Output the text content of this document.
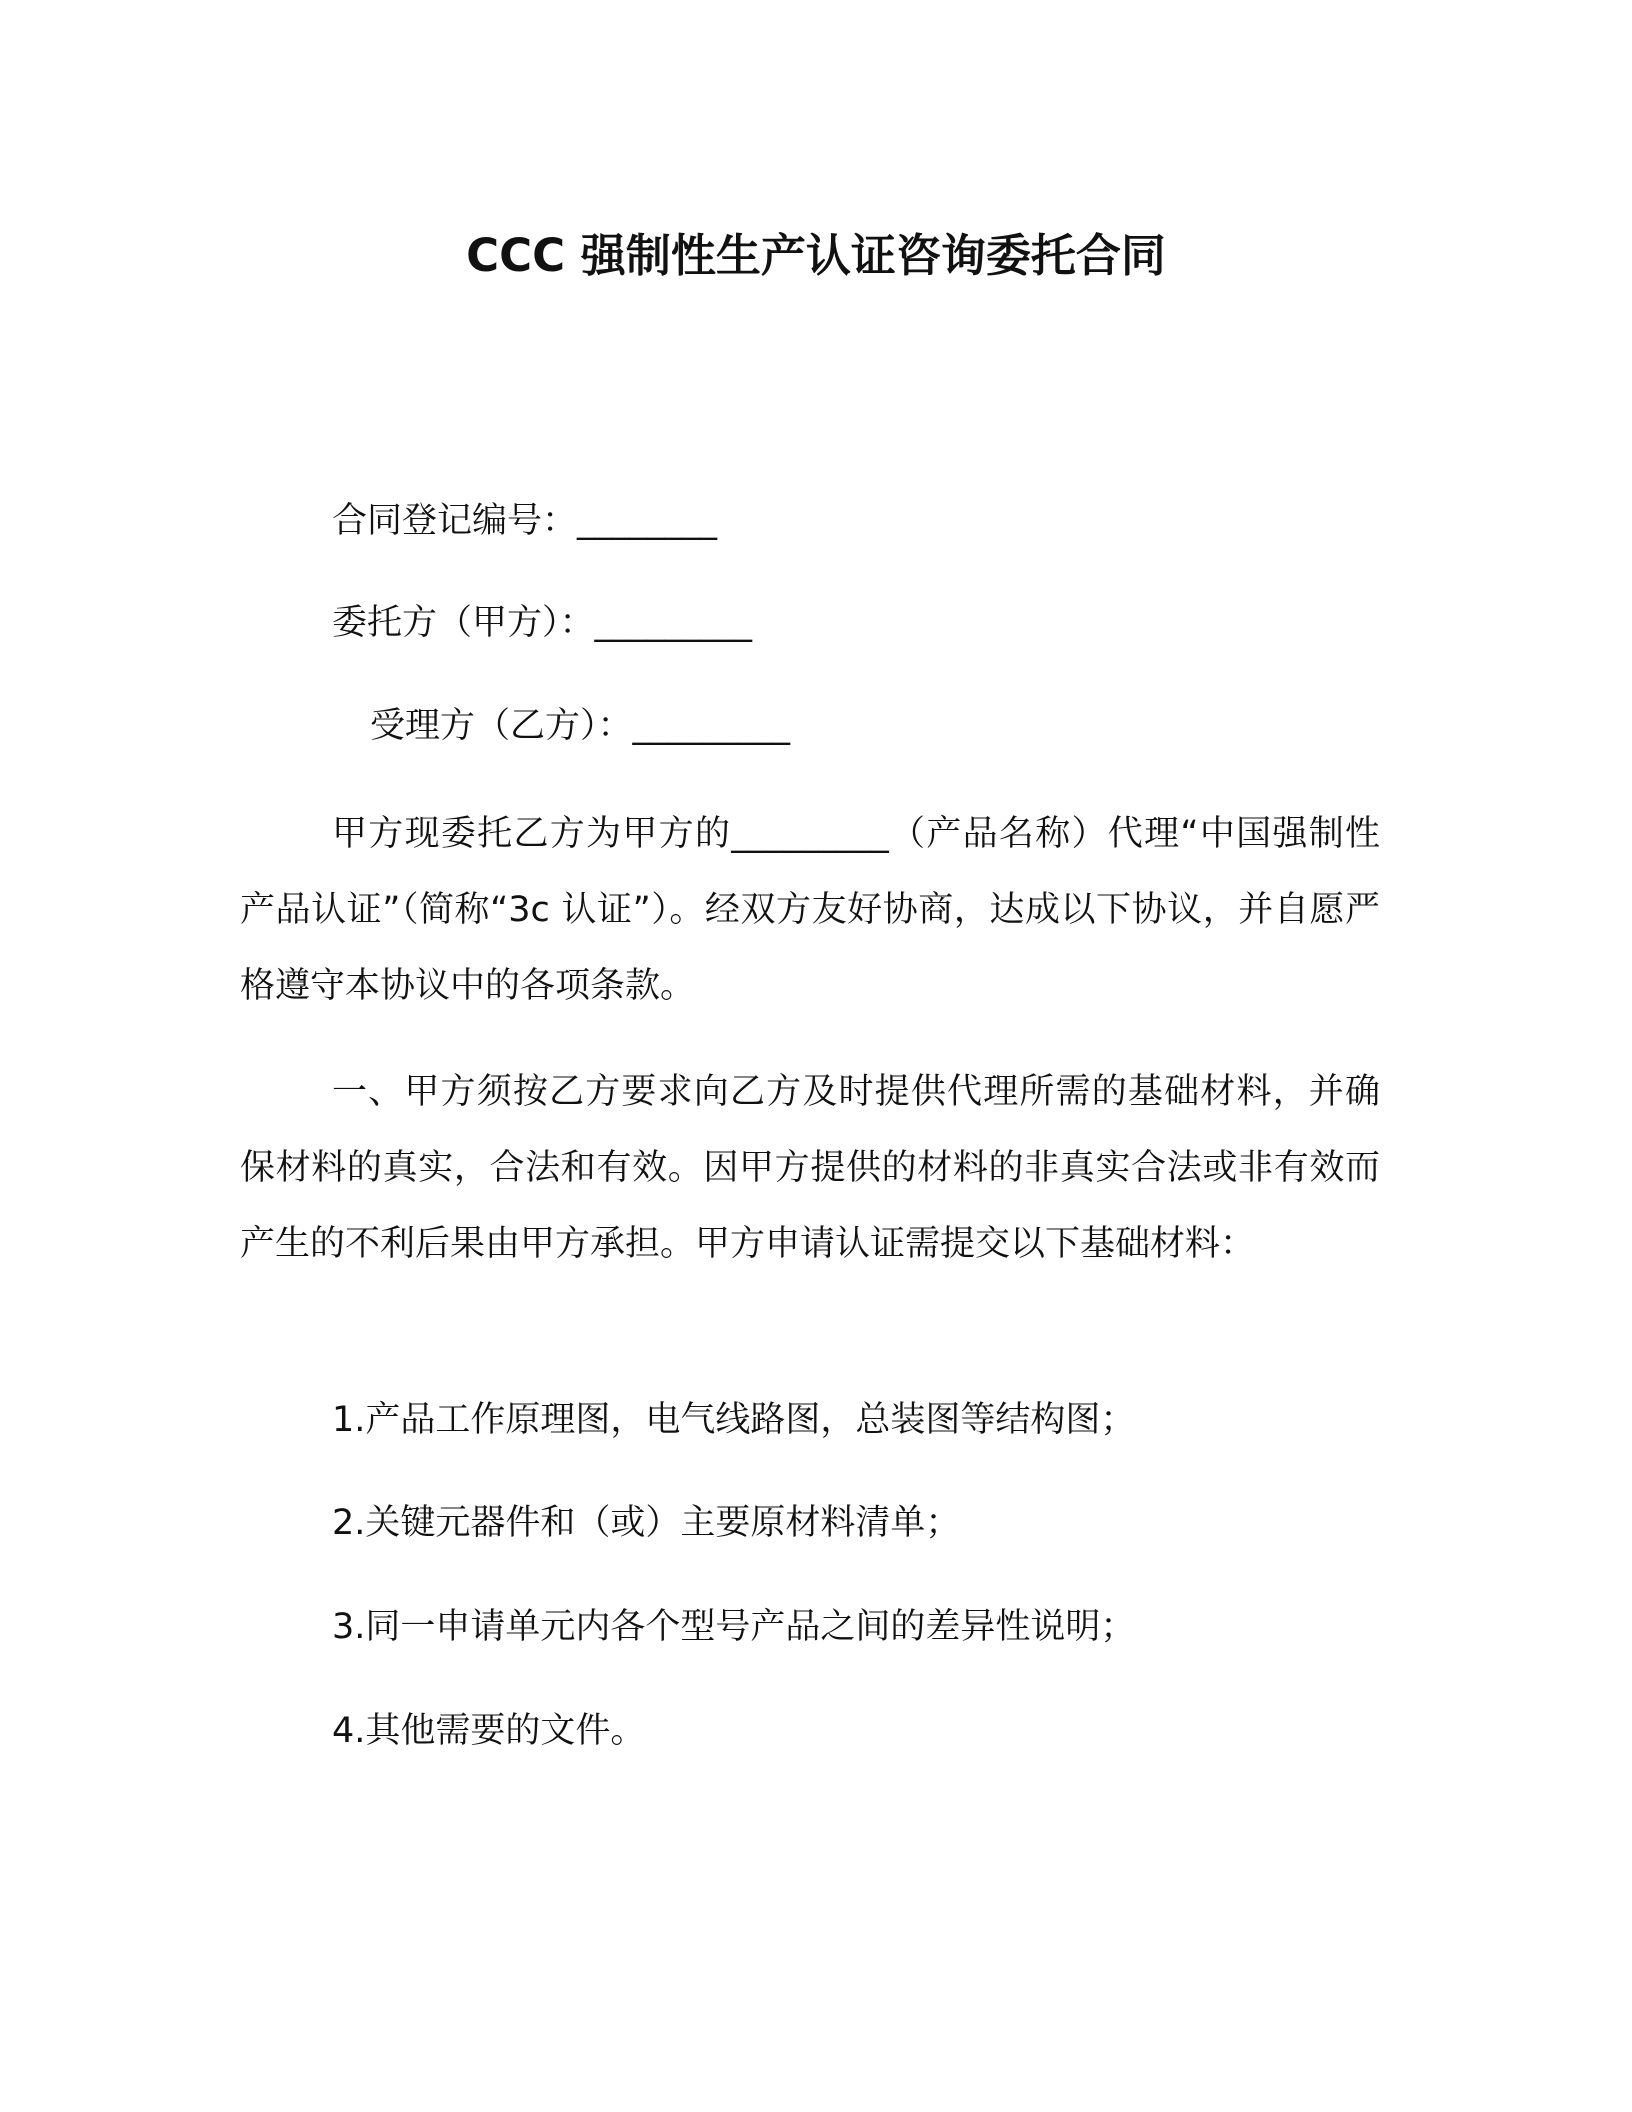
CCC 强制性生产认证咨询委托合同
合同登记编号：________
委托方（甲方）：_________
受理方（乙方）：_________
甲方现委托乙方为甲方的_________（产品名称）代理“中国强制性产品认证”（简称“3c 认证”）。经双方友好协商，达成以下协议，并自愿严格遵守本协议中的各项条款。
一、甲方须按乙方要求向乙方及时提供代理所需的基础材料，并确保材料的真实，合法和有效。因甲方提供的材料的非真实合法或非有效而产生的不利后果由甲方承担。甲方申请认证需提交以下基础材料：
1.产品工作原理图，电气线路图，总装图等结构图；
2.关键元器件和（或）主要原材料清单；
3.同一申请单元内各个型号产品之间的差异性说明；
4.其他需要的文件。
